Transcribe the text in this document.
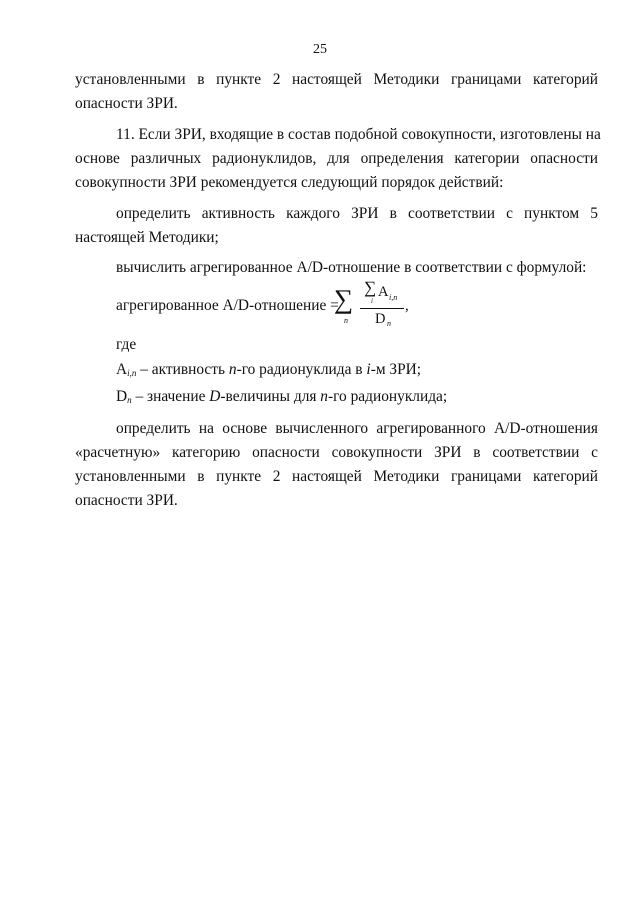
25
установленными в пункте 2 настоящей Методики границами категорий
опасности ЗРИ.
11. Если ЗРИ, входящие в состав подобной совокупности, изготовлены на
основе различных радионуклидов, для определения категории опасности
совокупности ЗРИ рекомендуется следующий порядок действий:
определить активность каждого ЗРИ в соответствии с пунктом 5
настоящей Методики;
вычислить агрегированное A/D-отношение в соответствии с формулой:
агрегированное A/D-отношение =
∑
n
∑
i
A i,n
D n
,
где
Ai,n – активность n-го радионуклида в i-м ЗРИ;
Dn – значение D-величины для n-го радионуклида;
определить на основе вычисленного агрегированного A/D-отношения
«расчетную» категорию опасности совокупности ЗРИ в соответствии с
установленными в пункте 2 настоящей Методики границами категорий
опасности ЗРИ.
